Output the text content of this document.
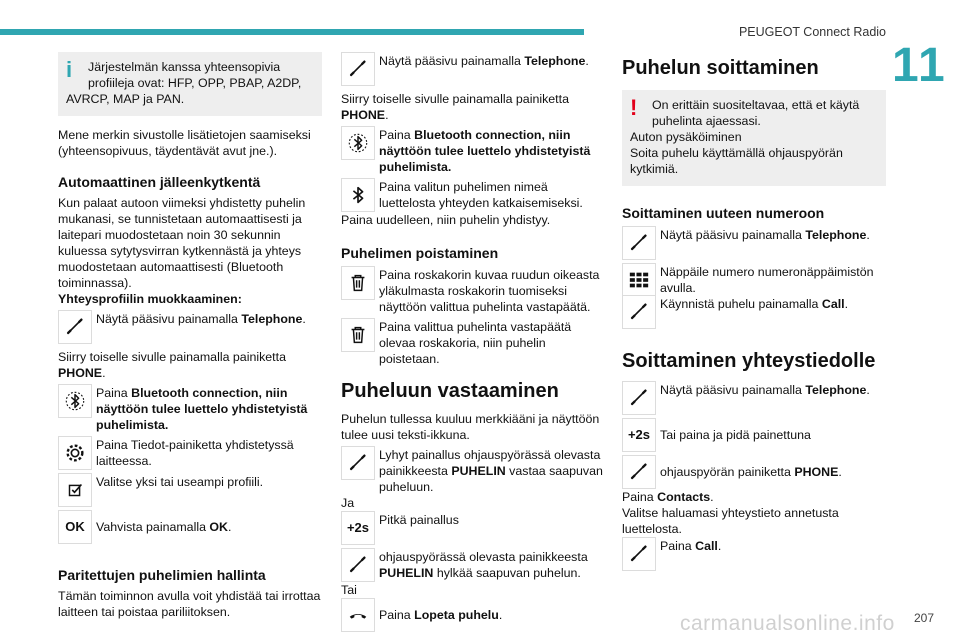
PEUGEOT Connect Radio
11
i	Järjestelmän kanssa yhteensopivia
profiileja ovat: HFP, OPP, PBAP, A2DP,
AVRCP, MAP ja PAN.

Mene merkin sivustolle lisätietojen saamiseksi (yhteensopivuus, täydentävät avut jne.).

Automaattinen jälleenkytkentä

Kun palaat autoon viimeksi yhdistetty puhelin mukanasi, se tunnistetaan automaattisesti ja laitepari muodostetaan noin 30 sekunnin kuluessa sytytysvirran kytkennästä ja yhteys muodostetaan automaattisesti (Bluetooth toiminnassa).

Yhteysprofiilin muokkaaminen:

Näytä pääsivu painamalla Telephone.

Siirry toiselle sivulle painamalla painiketta PHONE.

Paina Bluetooth connection, niin näyttöön tulee luettelo yhdistetyistä puhelimista.
Paina Tiedot-painiketta yhdistetyssä laitteessa.
Valitse yksi tai useampi profiili.
OK Vahvista painamalla OK.
Paritettujen puhelimien hallinta

Tämän toiminnon avulla voit yhdistää tai irrottaa laitteen tai poistaa pariliitoksen.

Näytä pääsivu painamalla Telephone.

Siirry toiselle sivulle painamalla painiketta PHONE.

Paina Bluetooth connection, niin näyttöön tulee luettelo yhdistetyistä puhelimista.
Paina valitun puhelimen nimeä luettelosta yhteyden katkaisemiseksi.

Paina uudelleen, niin puhelin yhdistyy.

Puhelimen poistaminen
Paina roskakorin kuvaa ruudun oikeasta yläkulmasta roskakorin tuomiseksi näyttöön valittua puhelinta vastapäätä.
Paina valittua puhelinta vastapäätä olevaa roskakoria, niin puhelin poistetaan.
Puheluun vastaaminen

Puhelun tullessa kuuluu merkkiääni ja näyttöön tulee uusi teksti-ikkuna.

Lyhyt painallus ohjauspyörässä olevasta painikkeesta PUHELIN vastaa saapuvan puheluun.

Ja

+2s Pitkä painallus
ohjauspyörässä olevasta painikkeesta PUHELIN hylkää saapuvan puhelun.

Tai

Paina Lopeta puhelu.
Puhelun soittaminen
!	On erittäin suositeltavaa, että et käytä
puhelinta ajaessasi.
Auton pysäköiminen
Soita puhelu käyttämällä ohjauspyörän kytkimiä.
Soittaminen uuteen numeroon
Näytä pääsivu painamalla Telephone.
Näppäile numero numeronäppäimistön avulla.
Käynnistä puhelu painamalla Call.
Soittaminen yhteystiedolle
Näytä pääsivu painamalla Telephone.
+2s Tai paina ja pidä painettuna
ohjauspyörän painiketta PHONE.

Paina Contacts.

Valitse haluamasi yhteystieto annetusta luettelosta.

Paina Call.
carmanualsonline.info 207
